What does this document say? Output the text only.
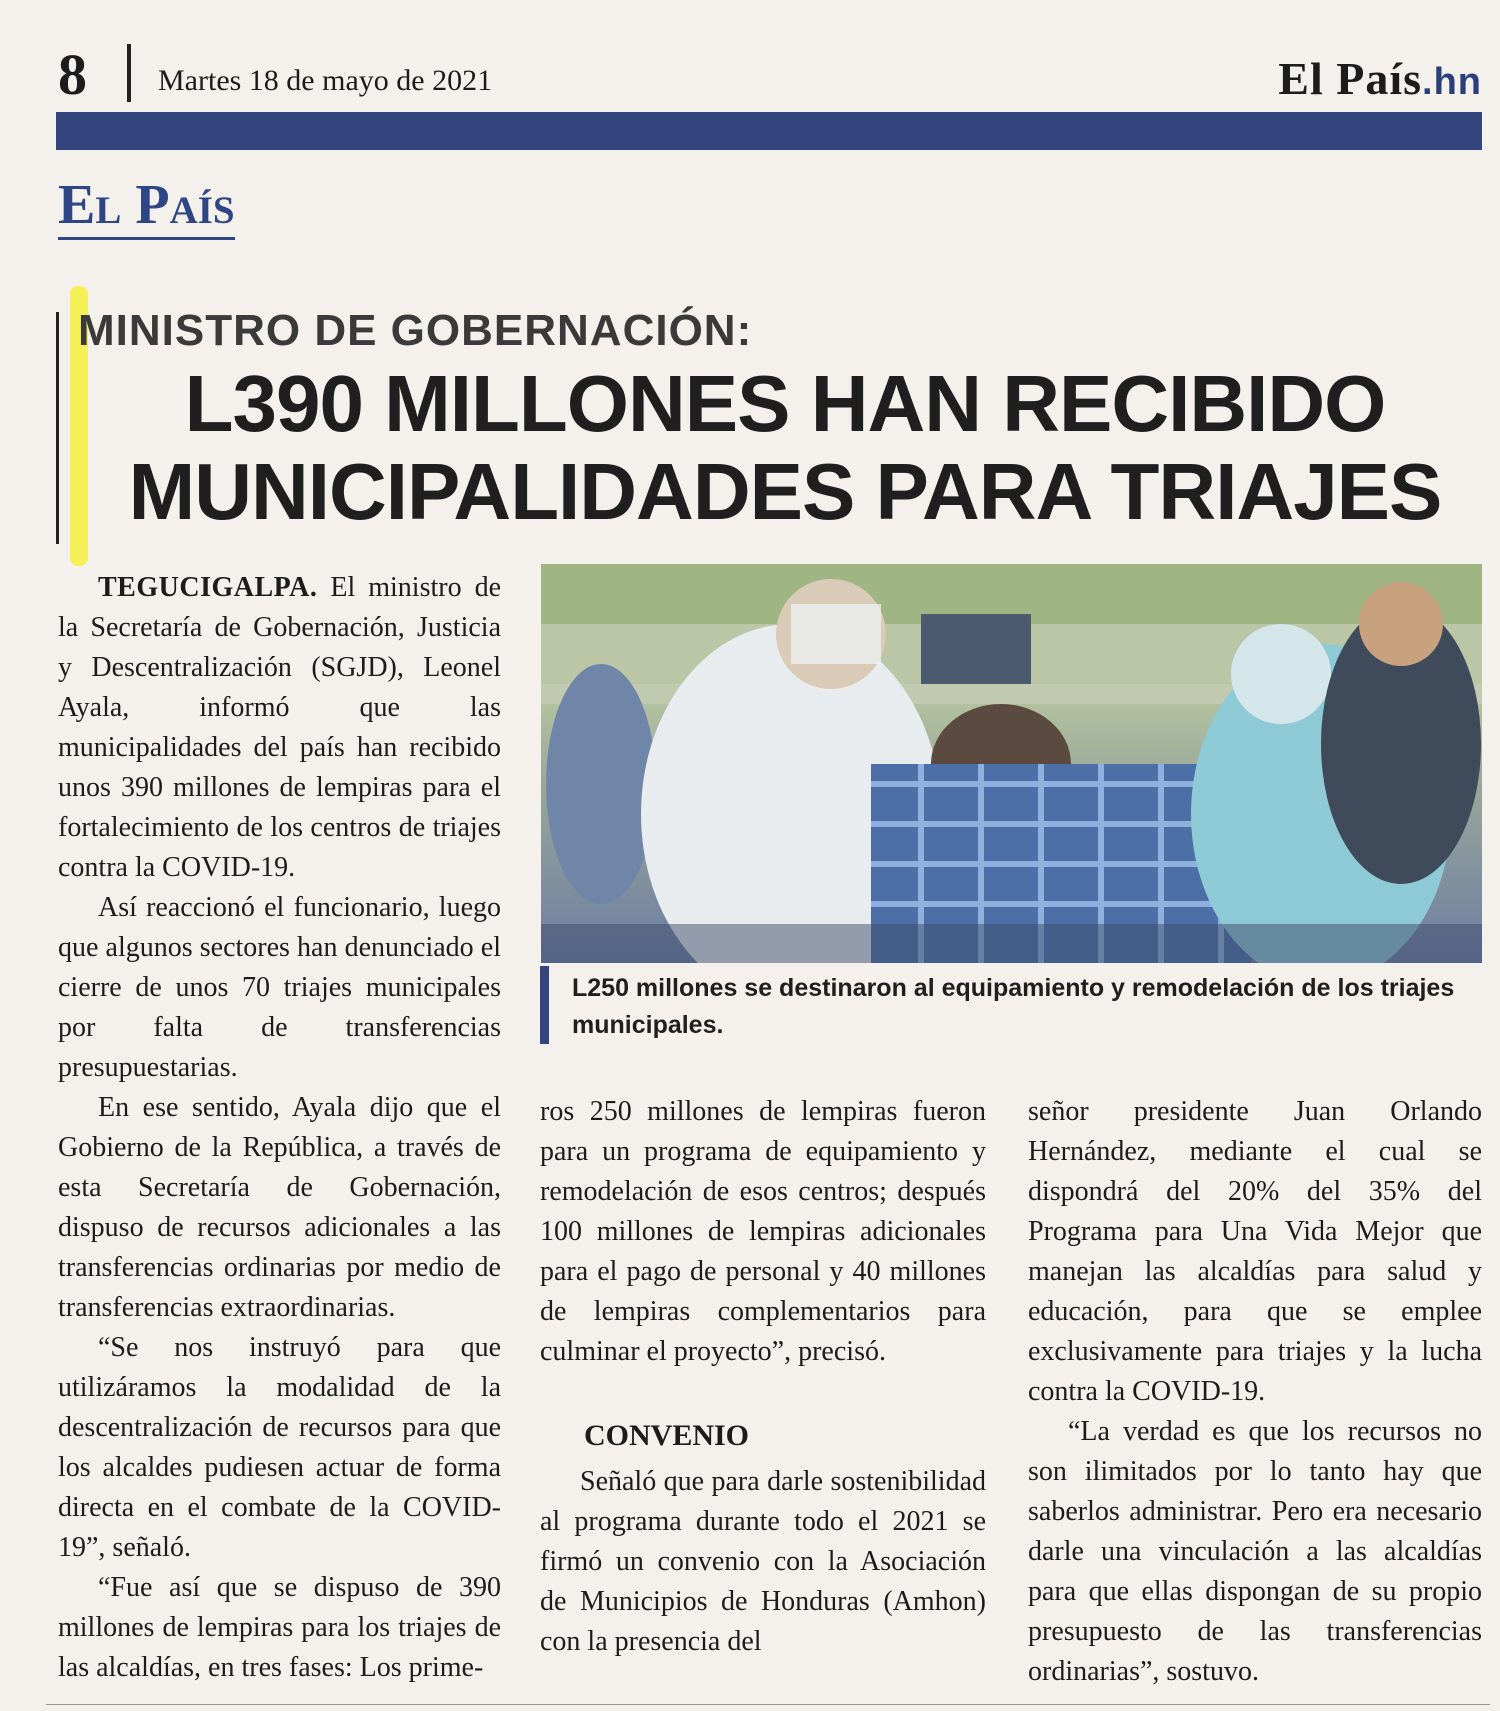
8 Martes 18 de mayo de 2021	El País.hn
El País
MINISTRO DE GOBERNACIÓN:
L390 MILLONES HAN RECIBIDO MUNICIPALIDADES PARA TRIAJES
L250 millones se destinaron al equipamiento y remodelación de los triajes municipales.

TEGUCIGALPA. El ministro de la Secretaría de Gobernación, Justicia y Descentralización (SGJD), Leonel Ayala, informó que las municipalidades del país han recibido unos 390 millones de lempiras para el fortalecimiento de los centros de triajes contra la COVID-19.

Así reaccionó el funcionario, luego que algunos sectores han denunciado el cierre de unos 70 triajes municipales por falta de transferencias presupuestarias.

En ese sentido, Ayala dijo que el Gobierno de la República, a través de esta Secretaría de Gobernación, dispuso de recursos adicionales a las transferencias ordinarias por medio de transferencias extraordinarias.

“Se nos instruyó para que utilizáramos la modalidad de la descentralización de recursos para que los alcaldes pudiesen actuar de forma directa en el combate de la COVID-19”, señaló.

“Fue así que se dispuso de 390 millones de lempiras para los triajes de las alcaldías, en tres fases: Los prime-

ros 250 millones de lempiras fueron para un programa de equipamiento y remodelación de esos centros; después 100 millones de lempiras adicionales para el pago de personal y 40 millones de lempiras complementarios para culminar el proyecto”, precisó.

CONVENIO

Señaló que para darle sostenibilidad al programa durante todo el 2021 se firmó un convenio con la Asociación de Municipios de Honduras (Amhon) con la presencia del

señor presidente Juan Orlando Hernández, mediante el cual se dispondrá del 20% del 35% del Programa para Una Vida Mejor que manejan las alcaldías para salud y educación, para que se emplee exclusivamente para triajes y la lucha contra la COVID-19.

“La verdad es que los recursos no son ilimitados por lo tanto hay que saberlos administrar. Pero era necesario darle una vinculación a las alcaldías para que ellas dispongan de su propio presupuesto de las transferencias ordinarias”, sostuvo.
